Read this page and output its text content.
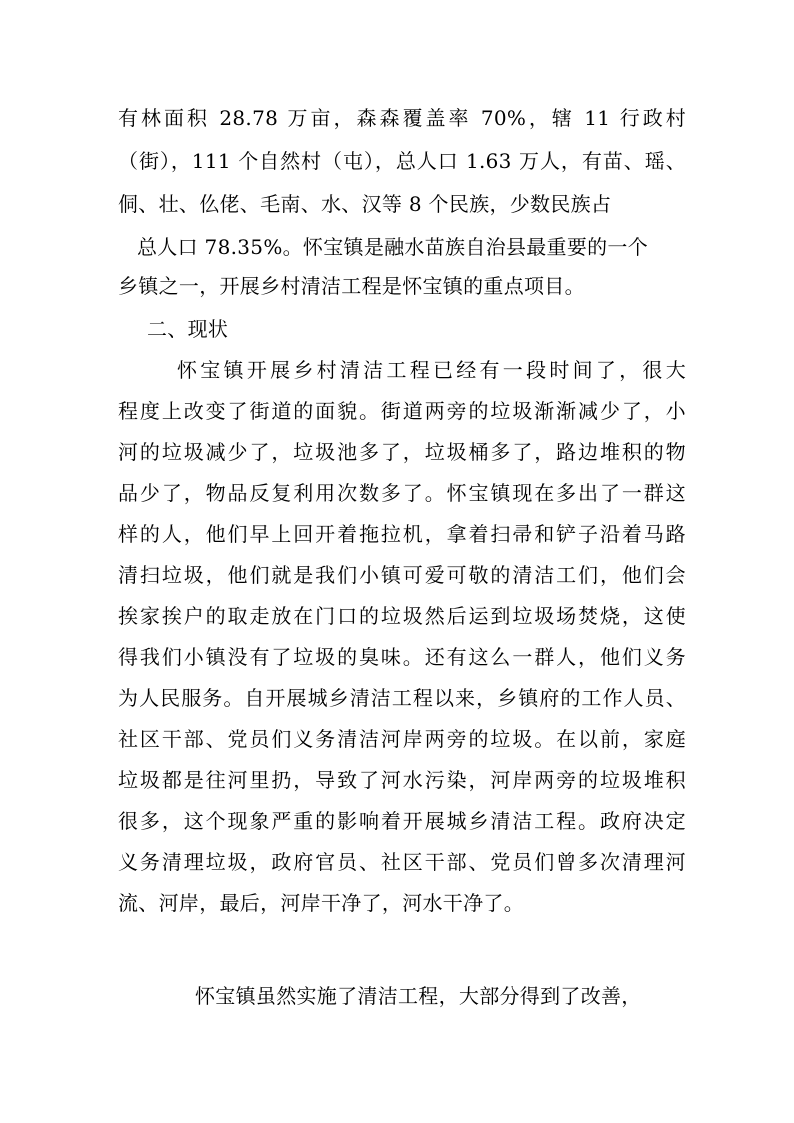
有林面积 28.78 万亩，森森覆盖率 70%，辖 11 行政村
（街），111 个自然村（屯），总人口 1.63 万人，有苗、瑶、
侗、壮、仫佬、毛南、水、汉等 8 个民族，少数民族占
总人口 78.35%。怀宝镇是融水苗族自治县最重要的一个
乡镇之一，开展乡村清洁工程是怀宝镇的重点项目。
二、现状
怀宝镇开展乡村清洁工程已经有一段时间了，很大
程度上改变了街道的面貌。街道两旁的垃圾渐渐减少了，小
河的垃圾减少了，垃圾池多了，垃圾桶多了，路边堆积的物
品少了，物品反复利用次数多了。怀宝镇现在多出了一群这
样的人，他们早上回开着拖拉机，拿着扫帚和铲子沿着马路
清扫垃圾，他们就是我们小镇可爱可敬的清洁工们，他们会
挨家挨户的取走放在门口的垃圾然后运到垃圾场焚烧，这使
得我们小镇没有了垃圾的臭味。还有这么一群人，他们义务
为人民服务。自开展城乡清洁工程以来，乡镇府的工作人员、
社区干部、党员们义务清洁河岸两旁的垃圾。在以前，家庭
垃圾都是往河里扔，导致了河水污染，河岸两旁的垃圾堆积
很多，这个现象严重的影响着开展城乡清洁工程。政府决定
义务清理垃圾，政府官员、社区干部、党员们曾多次清理河
流、河岸，最后，河岸干净了，河水干净了。
怀宝镇虽然实施了清洁工程，大部分得到了改善，
